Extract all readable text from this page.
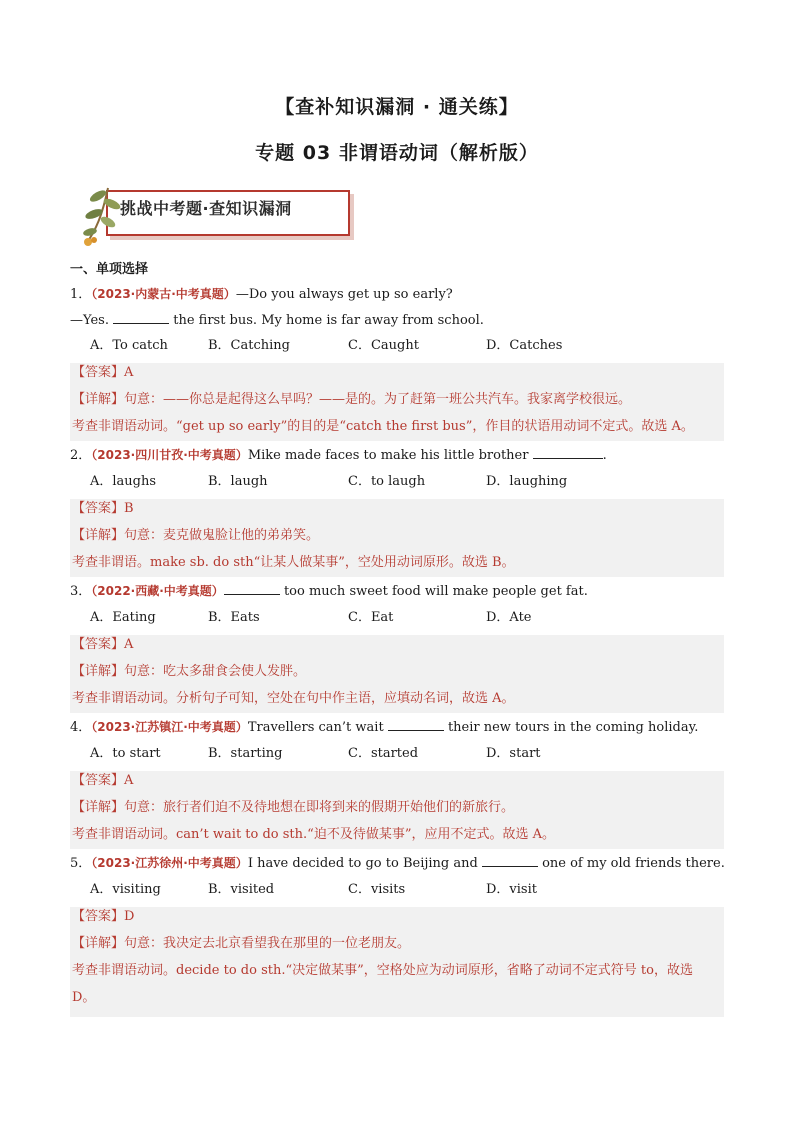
【查补知识漏洞 · 通关练】
专题 03 非谓语动词（解析版）
挑战中考题·查知识漏洞
一、单项选择
1．（2023·内蒙古·中考真题）—Do you always get up so early?
—Yes.	the first bus. My home is far away from school.
A．To catch	B．Catching	C．Caught	D．Catches
【答案】A
【详解】句意：——你总是起得这么早吗？——是的。为了赶第一班公共汽车。我家离学校很远。
考查非谓语动词。“get up so early”的目的是“catch the first bus”，作目的状语用动词不定式。故选 A。
2．（2023·四川甘孜·中考真题）Mike made faces to make his little brother	.
A．laughs	B．laugh	C．to laugh	D．laughing
【答案】B
【详解】句意：麦克做鬼脸让他的弟弟笑。
考查非谓语。make sb. do sth“让某人做某事”，空处用动词原形。故选 B。
3．（2022·西藏·中考真题）	too much sweet food will make people get fat.
A．Eating	B．Eats	C．Eat	D．Ate
【答案】A
【详解】句意：吃太多甜食会使人发胖。
考查非谓语动词。分析句子可知，空处在句中作主语，应填动名词，故选 A。
4．（2023·江苏镇江·中考真题）Travellers can’t wait	their new tours in the coming holiday.
A．to start	B．starting	C．started	D．start
【答案】A
【详解】句意：旅行者们迫不及待地想在即将到来的假期开始他们的新旅行。
考查非谓语动词。can’t wait to do sth.“迫不及待做某事”，应用不定式。故选 A。
5．（2023·江苏徐州·中考真题）I have decided to go to Beijing and	one of my old friends there.
A．visiting	B．visited	C．visits	D．visit
【答案】D
【详解】句意：我决定去北京看望我在那里的一位老朋友。
考查非谓语动词。decide to do sth.“决定做某事”，空格处应为动词原形，省略了动词不定式符号 to，故选
D。
